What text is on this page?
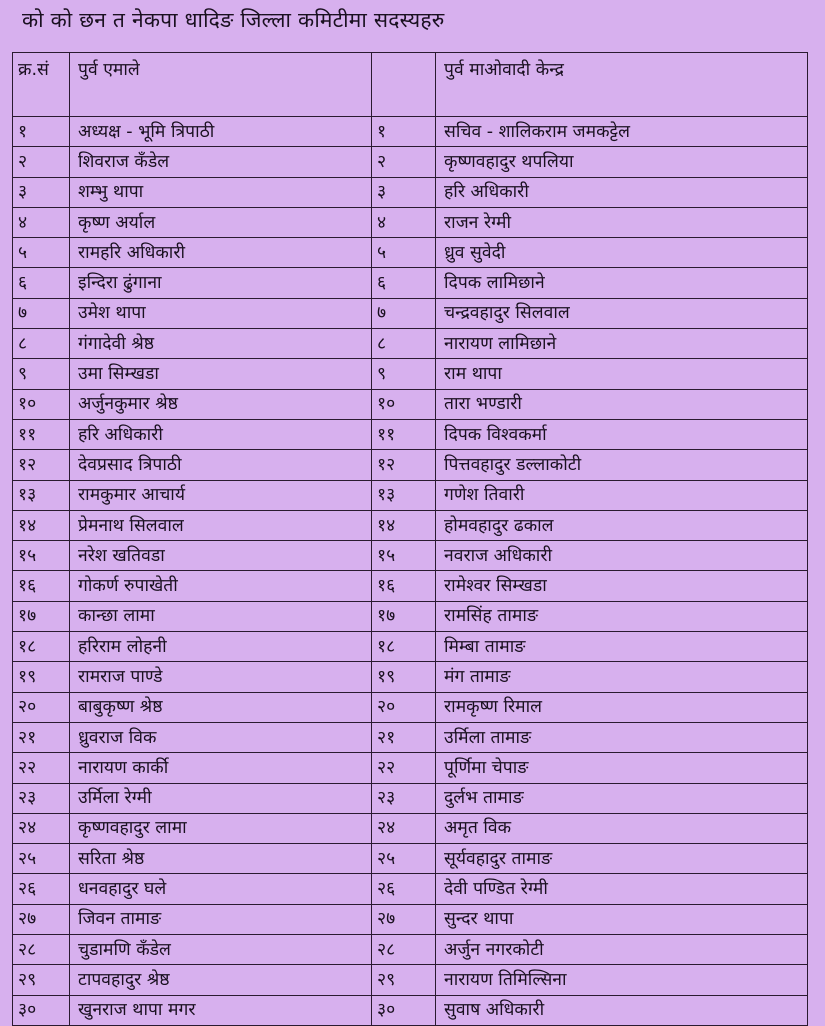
को को छन त नेकपा धादिङ जिल्ला कमिटीमा सदस्यहरु
क्र.सं	पुर्व एमाले		पुर्व माओवादी केन्द्र
१	अध्यक्ष - भूमि त्रिपाठी	१	सचिव - शालिकराम जमकट्टेल
२	शिवराज कँडेल	२	कृष्णवहादुर थपलिया
३	शम्भु थापा	३	हरि अधिकारी
४	कृष्ण अर्याल	४	राजन रेग्मी
५	रामहरि अधिकारी	५	ध्रुव सुवेदी
६	इन्दिरा ढुंगाना	६	दिपक लामिछाने
७	उमेश थापा	७	चन्द्रवहादुर सिलवाल
८	गंगादेवी श्रेष्ठ	८	नारायण लामिछाने
९	उमा सिम्खडा	९	राम थापा
१०	अर्जुनकुमार श्रेष्ठ	१०	तारा भण्डारी
११	हरि अधिकारी	११	दिपक विश्वकर्मा
१२	देवप्रसाद त्रिपाठी	१२	पित्तवहादुर डल्लाकोटी
१३	रामकुमार आचार्य	१३	गणेश तिवारी
१४	प्रेमनाथ सिलवाल	१४	होमवहादुर ढकाल
१५	नरेश खतिवडा	१५	नवराज अधिकारी
१६	गोकर्ण रुपाखेती	१६	रामेश्वर सिम्खडा
१७	कान्छा लामा	१७	रामसिंह तामाङ
१८	हरिराम लोहनी	१८	मिम्बा तामाङ
१९	रामराज पाण्डे	१९	मंग तामाङ
२०	बाबुकृष्ण श्रेष्ठ	२०	रामकृष्ण रिमाल
२१	ध्रुवराज विक	२१	उर्मिला तामाङ
२२	नारायण कार्की	२२	पूर्णिमा चेपाङ
२३	उर्मिला रेग्मी	२३	दुर्लभ तामाङ
२४	कृष्णवहादुर लामा	२४	अमृत विक
२५	सरिता श्रेष्ठ	२५	सूर्यवहादुर तामाङ
२६	धनवहादुर घले	२६	देवी पण्डित रेग्मी
२७	जिवन तामाङ	२७	सुन्दर थापा
२८	चुडामणि कँडेल	२८	अर्जुन नगरकोटी
२९	टापवहादुर श्रेष्ठ	२९	नारायण तिमिल्सिना
३०	खुनराज थापा मगर	३०	सुवाष अधिकारी
